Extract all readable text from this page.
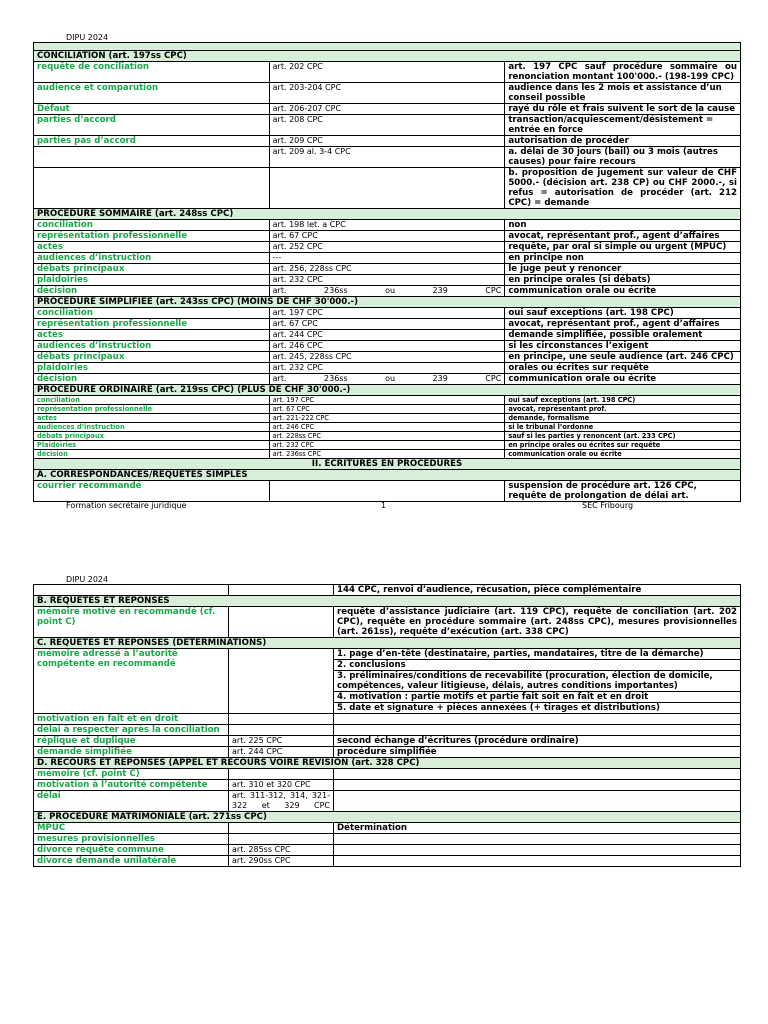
DIPU 2024

CONCILIATION (art. 197ss CPC)		
requête de conciliation	art. 202 CPC	art. 197 CPC sauf procédure sommaire ou renonciation montant 100'000.- (198-199 CPC)
audience et comparution	art. 203-204 CPC	audience dans les 2 mois et assistance d’un conseil possible
Défaut	art. 206-207 CPC	rayé du rôle et frais suivent le sort de la cause
parties d’accord	art. 208 CPC	transaction/acquiescement/désistement = entrée en force
parties pas d’accord	art. 209 CPC	autorisation de procéder
	art. 209 al. 3-4 CPC	a. délai de 30 jours (bail) ou 3 mois (autres causes) pour faire recours
		b. proposition de jugement sur valeur de CHF 5000.- (décision art. 238 CP) ou CHF 2000.-, si refus = autorisation de procéder (art. 212 CPC) = demande
PROCEDURE SOMMAIRE (art. 248ss CPC)		
conciliation	art. 198 let. a CPC	non
représentation professionnelle	art. 67 CPC	avocat, représentant prof., agent d’affaires
actes	art. 252 CPC	requête, par oral si simple ou urgent (MPUC)
audiences d’instruction	---	en principe non
débats principaux	art. 256, 228ss CPC	le juge peut y renoncer
plaidoiries	art. 232 CPC	en principe orales (si débats)
décision	art. 236ss ou 239 CPC	communication orale ou écrite
PROCEDURE SIMPLIFIEE (art. 243ss CPC) (MOINS DE CHF 30'000.-)		
conciliation	art. 197 CPC	oui sauf exceptions (art. 198 CPC)
représentation professionnelle	art. 67 CPC	avocat, représentant prof., agent d’affaires
actes	art. 244 CPC	demande simplifiée, possible oralement
audiences d’instruction	art. 246 CPC	si les circonstances l’exigent
débats principaux	art. 245, 228ss CPC	en principe, une seule audience (art. 246 CPC)
plaidoiries	art. 232 CPC	orales ou écrites sur requête
décision	art. 236ss ou 239 CPC	communication orale ou écrite
PROCEDURE ORDINAIRE (art. 219ss CPC) (PLUS DE CHF 30'000.-)		
conciliation	art. 197 CPC	oui sauf exceptions (art. 198 CPC)
représentation professionnelle	art. 67 CPC	avocat, représentant prof.
actes	art. 221-222 CPC	demande, formalisme
audiences d’instruction	art. 246 CPC	si le tribunal l’ordonne
débats principaux	art. 228ss CPC	sauf si les parties y renoncent (art. 233 CPC)
Plaidoiries	art. 232 CPC	en principe orales ou écrites sur requête
décision	art. 236ss CPC	communication orale ou écrite
II. ECRITURES EN PROCEDURES		
A. CORRESPONDANCES/REQUETES SIMPLES		
courrier recommandé		suspension de procédure art. 126 CPC, requête de prolongation de délai art.
Formation secrétaire juridique	1	SEC Fribourg
DIPU 2024
		144 CPC, renvoi d’audience, récusation, pièce complémentaire
B. REQUÊTES ET RÉPONSES		
mémoire motivé en recommandé (cf. point C)		requête d’assistance judiciaire (art. 119 CPC), requête de conciliation (art. 202 CPC), requête en procédure sommaire (art. 248ss CPC), mesures provisionnelles (art. 261ss), requête d’exécution (art. 338 CPC)
C. REQUETES ET REPONSES (DETERMINATIONS)		
mémoire adressé à l’autorité compétente en recommandé		1. page d’en-tête (destinataire, parties, mandataires, titre de la démarche)
		2. conclusions
		3. préliminaires/conditions de recevabilité (procuration, élection de domicile, compétences, valeur litigieuse, délais, autres conditions importantes)
		4. motivation : partie motifs et partie fait soit en fait et en droit
		5. date et signature + pièces annexées (+ tirages et distributions)
motivation en fait et en droit		
délai à respecter après la conciliation		
réplique et duplique	art. 225 CPC	second échange d’écritures (procédure ordinaire)
demande simplifiée	art. 244 CPC	procédure simplifiée
D. RECOURS ET RÉPONSES (APPEL ET RECOURS VOIRE REVISION (art. 328 CPC)		
mémoire (cf. point C)		
motivation à l’autorité compétente	art. 310 et 320 CPC	
délai	art. 311-312, 314, 321-322 et 329 CPC	
E. PROCÉDURE MATRIMONIALE (art. 271ss CPC)		
MPUC		Détermination
mesures provisionnelles		
divorce requête commune	art. 285ss CPC	
divorce demande unilatérale	art. 290ss CPC	
